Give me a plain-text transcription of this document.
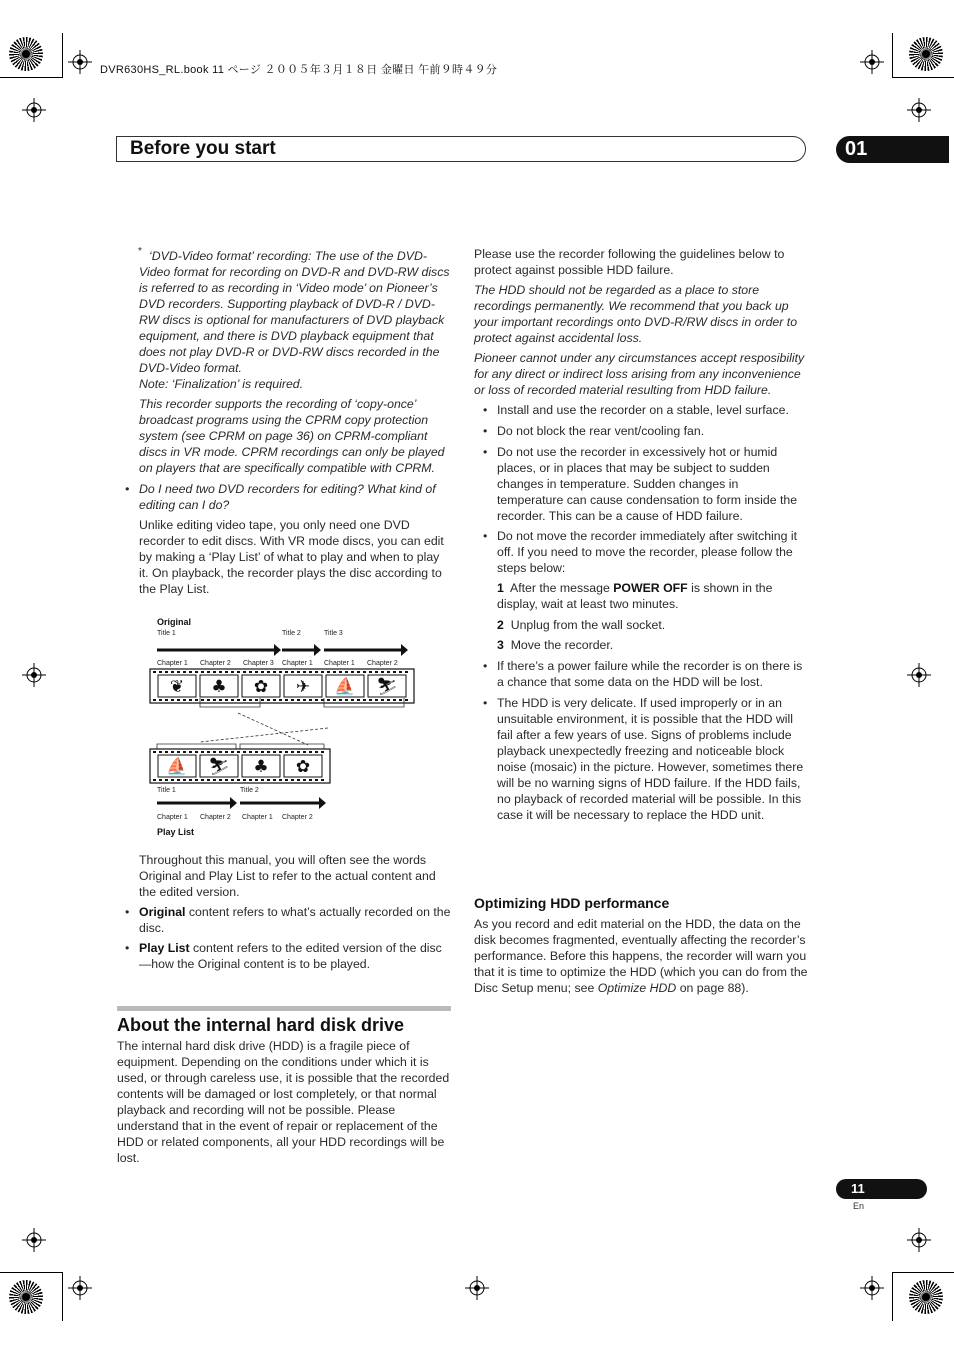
DVR630HS_RL.book 11 ページ ２００５年３月１８日 金曜日 午前９時４９分
Before you start	01

* ‘DVD-Video format’ recording: The use of the DVD-Video format for recording on DVD-R and DVD-RW discs is referred to as recording in ‘Video mode’ on Pioneer’s DVD recorders. Supporting playback of DVD-R / DVD-RW discs is optional for manufacturers of DVD playback equipment, and there is DVD playback equipment that does not play DVD-R or DVD-RW discs recorded in the DVD-Video format.

Note: ‘Finalization’ is required.

This recorder supports the recording of ‘copy-once’ broadcast programs using the CPRM copy protection system (see CPRM on page 36) on CPRM-compliant discs in VR mode. CPRM recordings can only be played on players that are specifically compatible with CPRM.

• Do I need two DVD recorders for editing? What kind of editing can I do?

Unlike editing video tape, you only need one DVD recorder to edit discs. With VR mode discs, you can edit by making a ‘Play List’ of what to play and when to play it. On playback, the recorder plays the disc according to the Play List.

Original
Title 1	Title 2	Title 3
Chapter 1 Chapter 2 Chapter 3 Chapter 1 Chapter 1 Chapter 2
❦ ♣ ✿ ✈ ⛵ ⛷
⛵ ⛷ ♣ ✿
Title 1	Title 2
Chapter 1 Chapter 2 Chapter 1 Chapter 2
Play List

Throughout this manual, you will often see the words Original and Play List to refer to the actual content and the edited version.

• Original content refers to what’s actually recorded on the disc.

• Play List content refers to the edited version of the disc—how the Original content is to be played.

About the internal hard disk drive

The internal hard disk drive (HDD) is a fragile piece of equipment. Depending on the conditions under which it is used, or through careless use, it is possible that the recorded contents will be damaged or lost completely, or that normal playback and recording will not be possible. Please understand that in the event of repair or replacement of the HDD or related components, all your HDD recordings will be lost.

Please use the recorder following the guidelines below to protect against possible HDD failure.

The HDD should not be regarded as a place to store recordings permanently. We recommend that you back up your important recordings onto DVD-R/RW discs in order to protect against accidental loss.

Pioneer cannot under any circumstances accept resposibility for any direct or indirect loss arising from any inconvenience or loss of recorded material resulting from HDD failure.

• Install and use the recorder on a stable, level surface.

• Do not block the rear vent/cooling fan.

• Do not use the recorder in excessively hot or humid places, or in places that may be subject to sudden changes in temperature. Sudden changes in temperature can cause condensation to form inside the recorder. This can be a cause of HDD failure.

• Do not move the recorder immediately after switching it off. If you need to move the recorder, please follow the steps below:

1 After the message POWER OFF is shown in the display, wait at least two minutes.

2 Unplug from the wall socket.

3 Move the recorder.

• If there’s a power failure while the recorder is on there is a chance that some data on the HDD will be lost.

• The HDD is very delicate. If used improperly or in an unsuitable environment, it is possible that the HDD will fail after a few years of use. Signs of problems include playback unexpectedly freezing and noticeable block noise (mosaic) in the picture. However, sometimes there will be no warning signs of HDD failure. If the HDD fails, no playback of recorded material will be possible. In this case it will be necessary to replace the HDD unit.

Optimizing HDD performance

As you record and edit material on the HDD, the data on the disk becomes fragmented, eventually affecting the recorder’s performance. Before this happens, the recorder will warn you that it is time to optimize the HDD (which you can do from the Disc Setup menu; see Optimize HDD on page 88).

11
En
